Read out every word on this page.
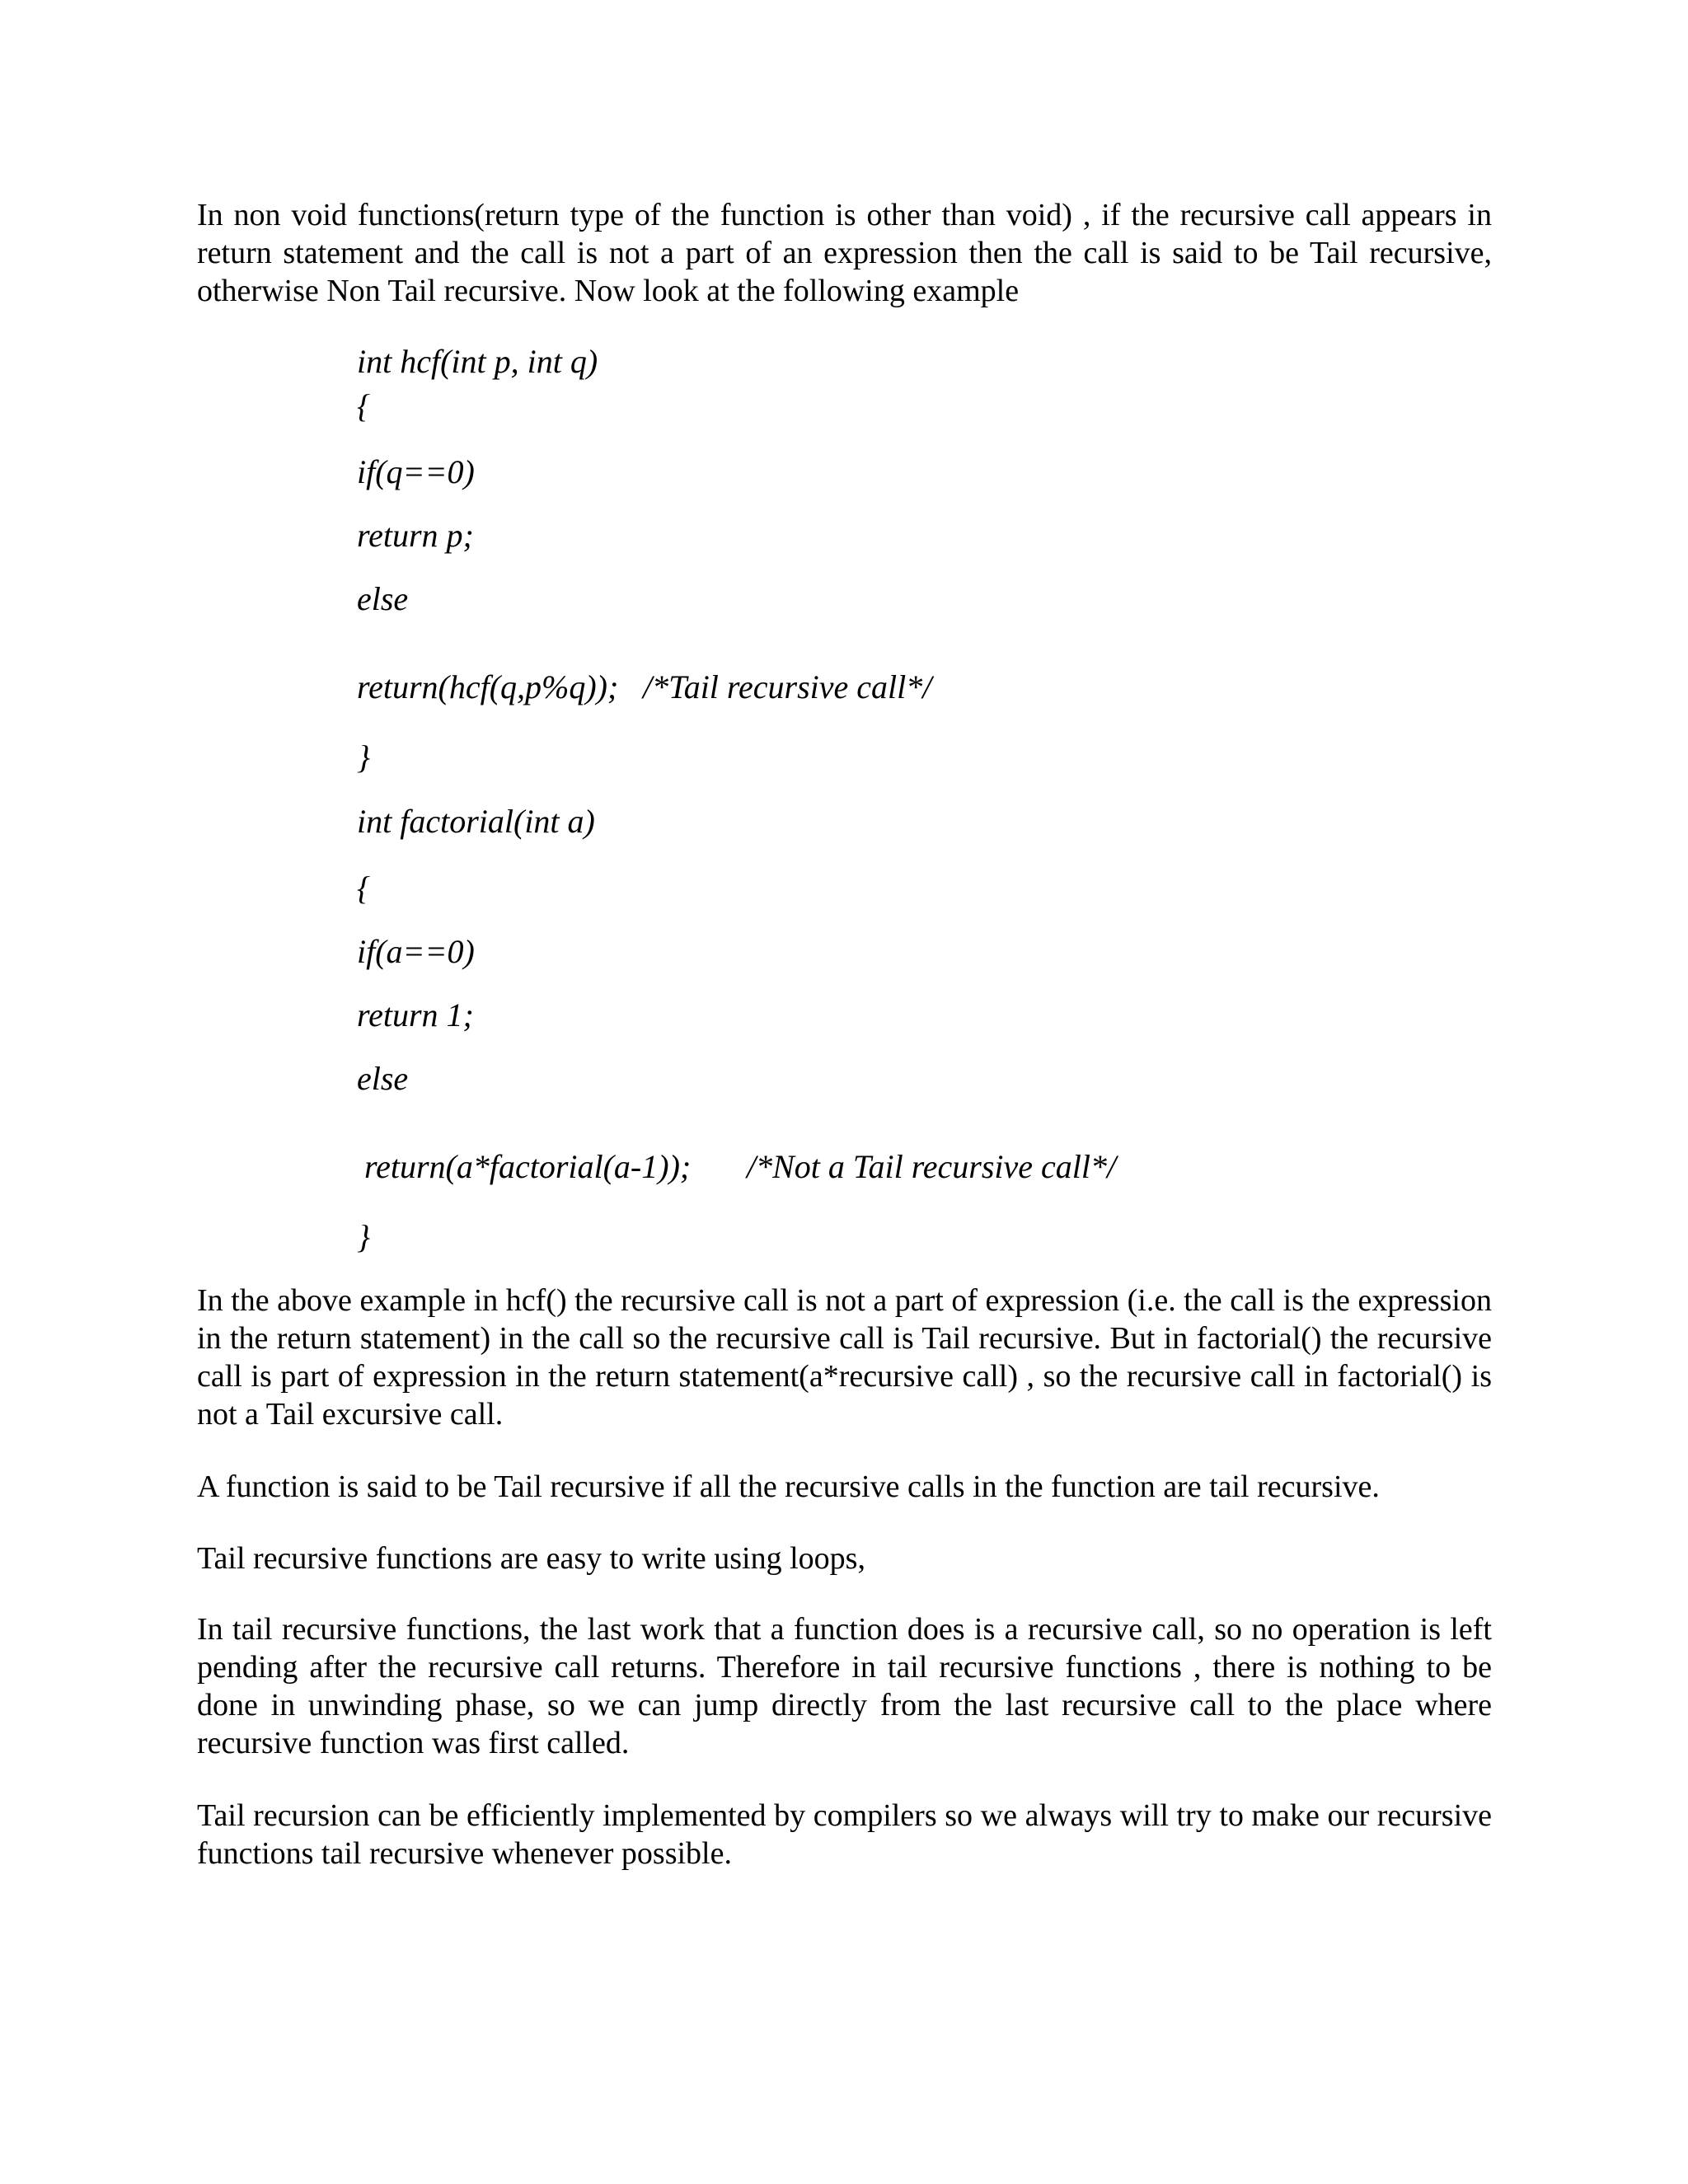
In non void functions(return type of the function is other than void) , if the recursive call appears in return statement and the call is not a part of an expression then the call is said to be Tail recursive, otherwise Non Tail recursive. Now look at the following example

int hcf(int p, int q)

{

if(q==0)

return p;

else

return(hcf(q,p%q)); /*Tail recursive call*/

}

int factorial(int a)

{

if(a==0)

return 1;

else

return(a*factorial(a-1)); /*Not a Tail recursive call*/

}

In the above example in hcf() the recursive call is not a part of expression (i.e. the call is the expression in the return statement) in the call so the recursive call is Tail recursive. But in factorial() the recursive call is part of expression in the return statement(a*recursive call) , so the recursive call in factorial() is not a Tail excursive call.

A function is said to be Tail recursive if all the recursive calls in the function are tail recursive.

Tail recursive functions are easy to write using loops,

In tail recursive functions, the last work that a function does is a recursive call, so no operation is left pending after the recursive call returns. Therefore in tail recursive functions , there is nothing to be done in unwinding phase, so we can jump directly from the last recursive call to the place where recursive function was first called.

Tail recursion can be efficiently implemented by compilers so we always will try to make our recursive functions tail recursive whenever possible.
